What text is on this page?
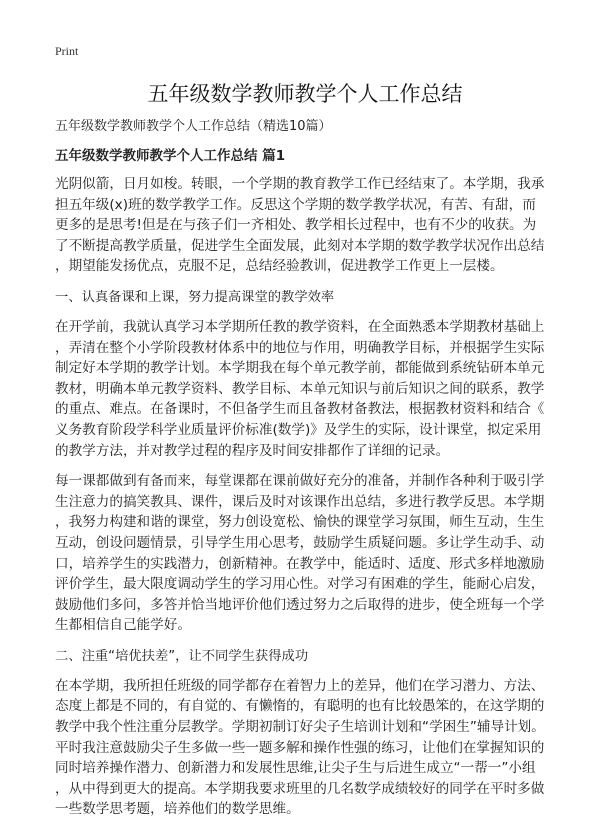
Print
五年级数学教师教学个人工作总结
五年级数学教师教学个人工作总结（精选10篇）
五年级数学教师教学个人工作总结 篇1
光阴似箭，日月如梭。转眼，一个学期的教育教学工作已经结束了。本学期，我承
担五年级(x)班的数学教学工作。反思这个学期的数学教学状况，有苦、有甜，而
更多的是思考!但是在与孩子们一齐相处、教学相长过程中，也有不少的收获。为
了不断提高教学质量，促进学生全面发展，此刻对本学期的数学教学状况作出总结
，期望能发扬优点，克服不足，总结经验教训，促进教学工作更上一层楼。
一、认真备课和上课，努力提高课堂的教学效率
在开学前，我就认真学习本学期所任教的教学资料，在全面熟悉本学期教材基础上
，弄清在整个小学阶段教材体系中的地位与作用，明确教学目标，并根据学生实际
制定好本学期的教学计划。本学期我在每个单元教学前，都能做到系统钻研本单元
教材，明确本单元教学资料、教学目标、本单元知识与前后知识之间的联系，教学
的重点、难点。在备课时，不但备学生而且备教材备教法，根据教材资料和结合《
义务教育阶段学科学业质量评价标准(数学)》及学生的实际，设计课堂，拟定采用
的教学方法，并对教学过程的程序及时间安排都作了详细的记录。
每一课都做到有备而来，每堂课都在课前做好充分的准备，并制作各种利于吸引学
生注意力的搞笑教具、课件，课后及时对该课作出总结，多进行教学反思。本学期
，我努力构建和谐的课堂，努力创设宽松、愉快的课堂学习氛围，师生互动，生生
互动，创设问题情景，引导学生用心思考，鼓励学生质疑问题。多让学生动手、动
口，培养学生的实践潜力，创新精神。在教学中，能适时、适度、形式多样地激励
评价学生，最大限度调动学生的学习用心性。对学习有困难的学生，能耐心启发，
鼓励他们多问，多答并恰当地评价他们透过努力之后取得的进步，使全班每一个学
生都相信自己能学好。
二、注重“培优扶差”，让不同学生获得成功
在本学期，我所担任班级的同学都存在着智力上的差异，他们在学习潜力、方法、
态度上都是不同的，有自觉的、有懒惰的，有聪明的也有比较愚笨的，在这学期的
教学中我个性注重分层教学。学期初制订好尖子生培训计划和“学困生”辅导计划。
平时我注意鼓励尖子生多做一些一题多解和操作性强的练习，让他们在掌握知识的
同时培养操作潜力、创新潜力和发展性思维,让尖子生与后进生成立“一帮一”小组
，从中得到更大的提高。本学期我要求班里的几名数学成绩较好的同学在平时多做
一些数学思考题，培养他们的数学思维。
